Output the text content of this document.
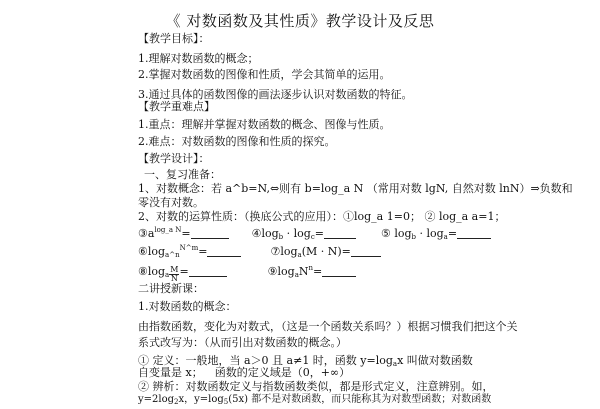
《 对数函数及其性质》教学设计及反思
【教学目标】：
1.理解对数函数的概念；
2.掌握对数函数的图像和性质，学会其简单的运用。
3.通过具体的函数图像的画法逐步认识对数函数的特征。
【教学重难点】
1.重点：理解并掌握对数函数的概念、图像与性质。
2.难点：对数函数的图像和性质的探究。
【教学设计】：
一、复习准备：
1、对数概念：若 a^b=N,⇔则有 b=log_a N （常用对数 lgN, 自然对数 lnN）⇒负数和
零没有对数。
2、对数的运算性质：（换底公式的应用）：①log_a 1=0； ② log_a a=1；
$③a^{log\_a N}=$	$④\log_b \cdot \log_c=$	⑤ $\log_b \cdot \log_a=$
$⑥\log_{a\^{}n}^{N\^{}m}=$	$⑦\log_a(M \cdot N)=$
$⑧\log_a \frac{M}{N}$ =	$⑨\log_aN^n=$
二讲授新课：
1.对数函数的概念：
由指数函数，变化为对数式，（这是一个函数关系吗？）根据习惯我们把这个关
系式改写为：（从而引出对数函数的概念。）
① 定义：一般地，当 a＞0 且 a≠1 时，函数 $y=\log_ax$ 叫做对数函数
自变量是 x； 函数的定义域是（0，+∞）
② 辨析：对数函数定义与指数函数类似，都是形式定义，注意辨别。如，
$y=2\log_2x$，$y=\log_5(5x)$ 都不是对数函数，而只能称其为对数型函数；对数函数
